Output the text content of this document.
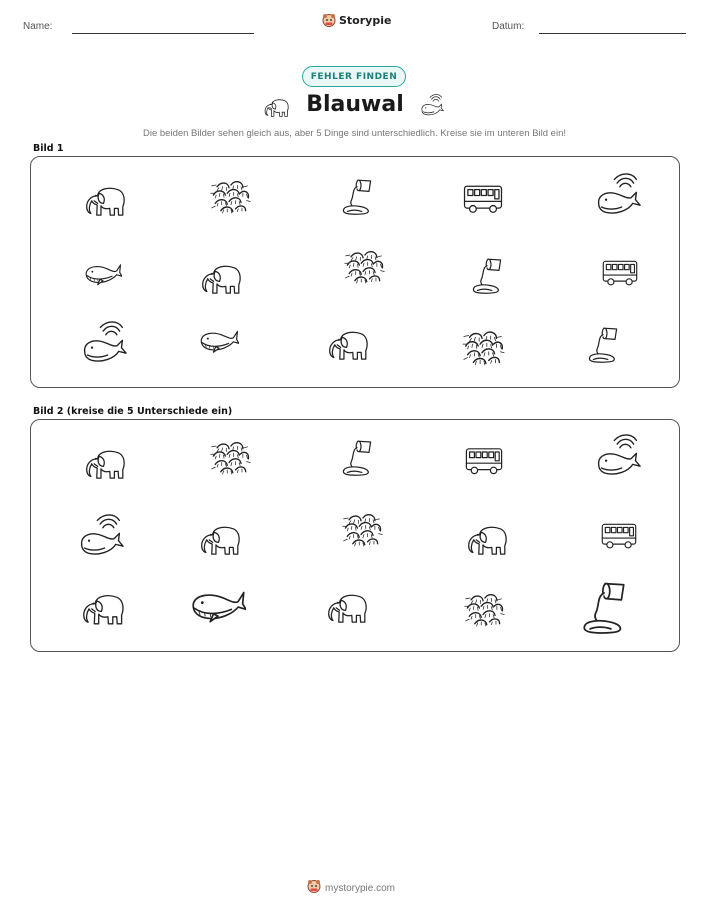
Name:	Storypie	Datum:
FEHLER FINDEN
Blauwal
Die beiden Bilder sehen gleich aus, aber 5 Dinge sind unterschiedlich. Kreise sie im unteren Bild ein!
Bild 1
Bild 2 (kreise die 5 Unterschiede ein)
mystorypie.com
